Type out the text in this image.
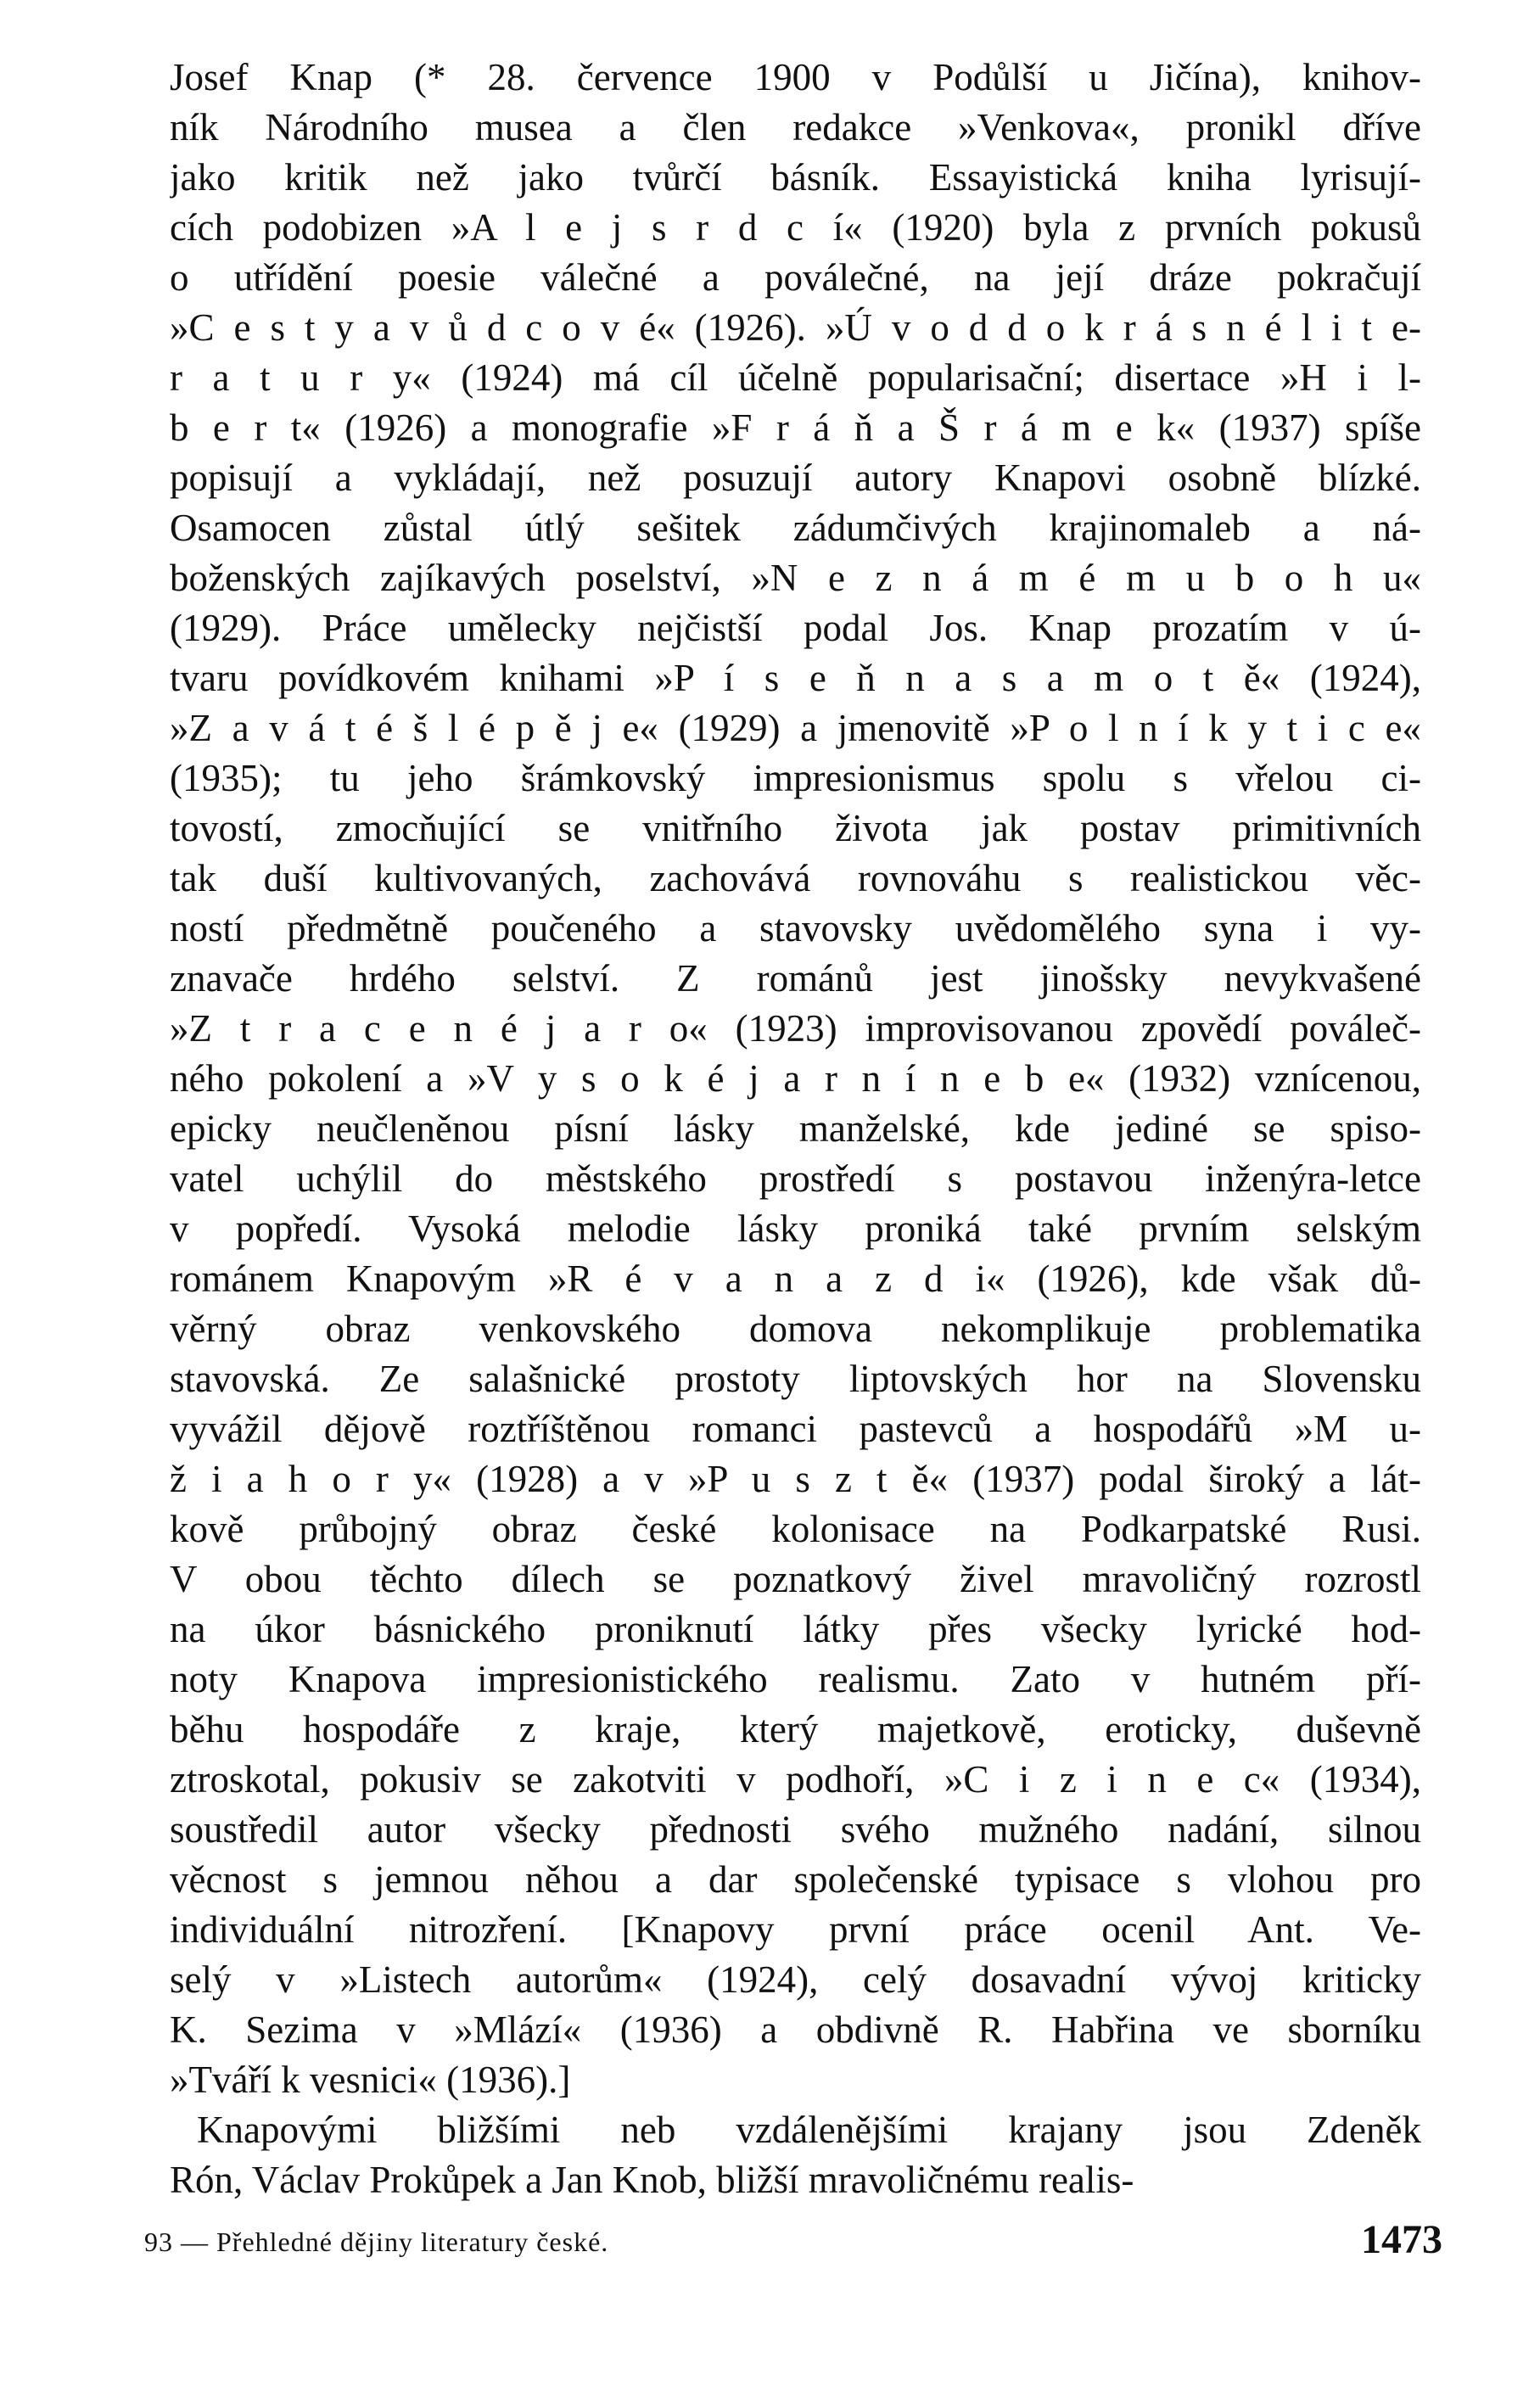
Josef Knap (* 28. července 1900 v Podůlší u Jičína), knihov-
ník Národního musea a člen redakce »Venkova«, pronikl dříve
jako kritik než jako tvůrčí básník. Essayistická kniha lyrisují-
cích podobizen »A l e j s r d c í« (1920) byla z prvních pokusů
o utřídění poesie válečné a poválečné, na její dráze pokračují
»C e s t y a v ů d c o v é« (1926). »Ú v o d d o k r á s n é l i t e-
r a t u r y« (1924) má cíl účelně popularisační; disertace »H i l-
b e r t« (1926) a monografie »F r á ň a Š r á m e k« (1937) spíše
popisují a vykládají, než posuzují autory Knapovi osobně blízké.
Osamocen zůstal útlý sešitek zádumčivých krajinomaleb a ná-
boženských zajíkavých poselství, »N e z n á m é m u b o h u«
(1929). Práce umělecky nejčistší podal Jos. Knap prozatím v ú-
tvaru povídkovém knihami »P í s e ň n a s a m o t ě« (1924),
»Z a v á t é š l é p ě j e« (1929) a jmenovitě »P o l n í k y t i c e«
(1935); tu jeho šrámkovský impresionismus spolu s vřelou ci-
tovostí, zmocňující se vnitřního života jak postav primitivních
tak duší kultivovaných, zachovává rovnováhu s realistickou věc-
ností předmětně poučeného a stavovsky uvědomělého syna i vy-
znavače hrdého selství. Z románů jest jinošsky nevykvašené
»Z t r a c e n é j a r o« (1923) improvisovanou zpovědí pováleč-
ného pokolení a »V y s o k é j a r n í n e b e« (1932) vznícenou,
epicky neučleněnou písní lásky manželské, kde jediné se spiso-
vatel uchýlil do městského prostředí s postavou inženýra-letce
v popředí. Vysoká melodie lásky proniká také prvním selským
románem Knapovým »R é v a n a z d i« (1926), kde však dů-
věrný obraz venkovského domova nekomplikuje problematika
stavovská. Ze salašnické prostoty liptovských hor na Slovensku
vyvážil dějově roztříštěnou romanci pastevců a hospodářů »M u-
ž i a h o r y« (1928) a v »P u s z t ě« (1937) podal široký a lát-
kově průbojný obraz české kolonisace na Podkarpatské Rusi.
V obou těchto dílech se poznatkový živel mravoličný rozrostl
na úkor básnického proniknutí látky přes všecky lyrické hod-
noty Knapova impresionistického realismu. Zato v hutném pří-
běhu hospodáře z kraje, který majetkově, eroticky, duševně
ztroskotal, pokusiv se zakotviti v podhoří, »C i z i n e c« (1934),
soustředil autor všecky přednosti svého mužného nadání, silnou
věcnost s jemnou něhou a dar společenské typisace s vlohou pro
individuální nitrozření. [Knapovy první práce ocenil Ant. Ve-
selý v »Listech autorům« (1924), celý dosavadní vývoj kriticky
K. Sezima v »Mlází« (1936) a obdivně R. Habřina ve sborníku
»Tváří k vesnici« (1936).]
Knapovými bližšími neb vzdálenějšími krajany jsou Zdeněk
Rón, Václav Prokůpek a Jan Knob, bližší mravoličnému realis-
93 — Přehledné dějiny literatury české.	1473
